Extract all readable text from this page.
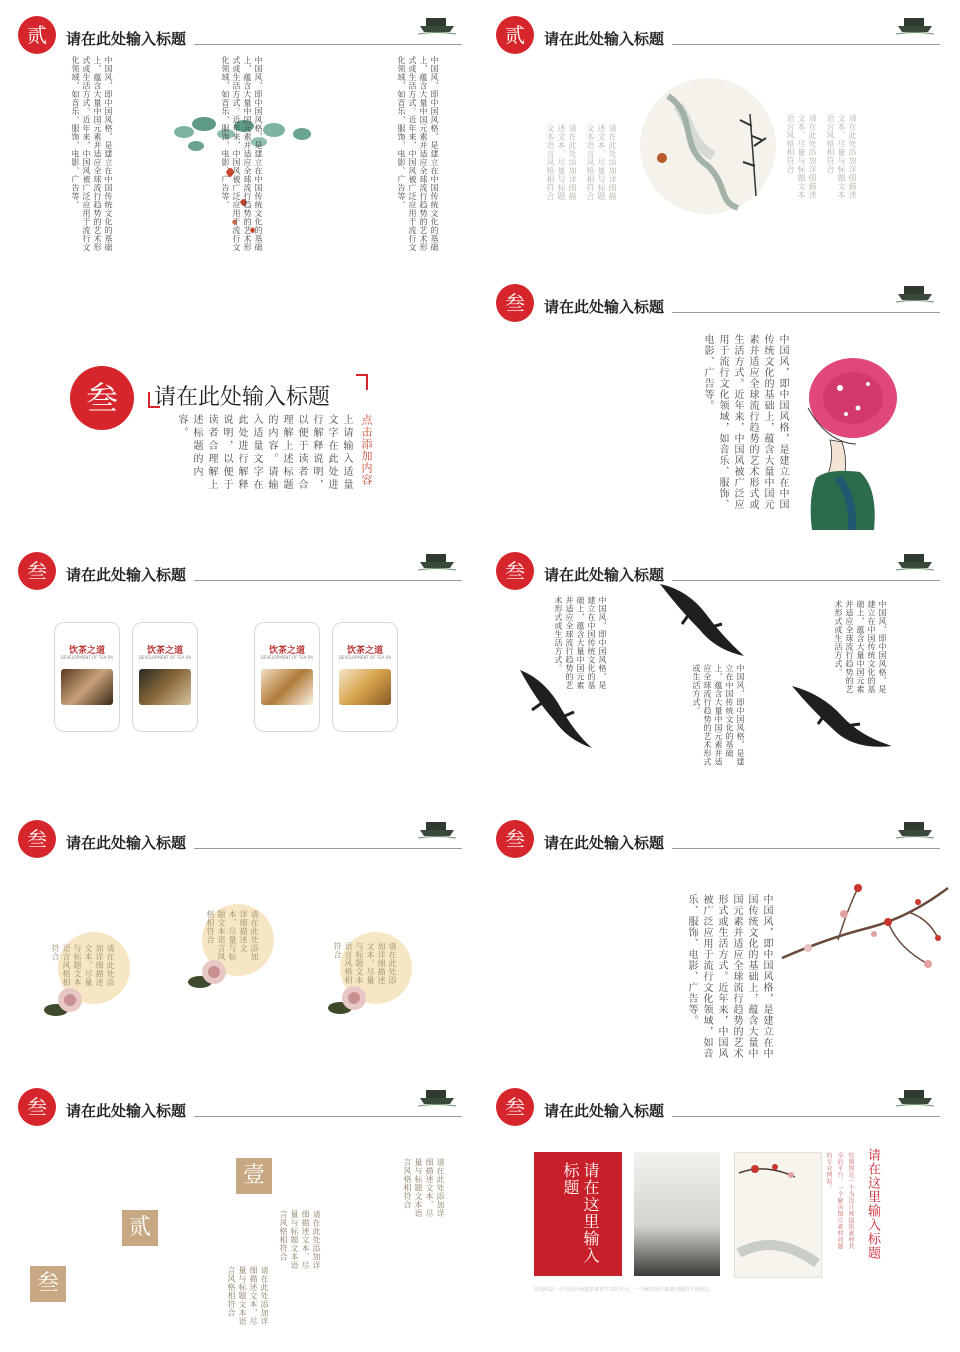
贰	请在此处输入标题
中国风，即中国风格，是建立在中国传统文化的基础上，蕴含大量中国元素并适应全球流行趋势的艺术形式或生活方式。近年来，中国风被广泛应用于流行文化领域，如音乐、服饰、电影、广告等。	中国风，即中国风格，是建立在中国传统文化的基础上，蕴含大量中国元素并适应全球流行趋势的艺术形式或生活方式。近年来，中国风被广泛应用于流行文化领域，如音乐、服饰、电影、广告等。	中国风，即中国风格，是建立在中国传统文化的基础上，蕴含大量中国元素并适应全球流行趋势的艺术形式或生活方式。近年来，中国风被广泛应用于流行文化领域，如音乐、服饰、电影、广告等。
贰	请在此处输入标题
请在此处添加详细描述文本，尽量与标题文本语言风格相符合	请在此处添加详细描述文本，尽量与标题文本语言风格相符合	请在此处添加详细描述文本，尽量与标题文本语言风格相符合	请在此处添加详细描述文本，尽量与标题文本语言风格相符合
叁	请在此处输入标题
点击添加内容
上请输入适量文字在此处进行解释说明，以便于读者合理解上述标题的内容。请输入适量文字在此处进行解释说明，以便于读者合理解上述标题的内容。
叁	请在此处输入标题
中国风，即中国风格，是建立在中国传统文化的基础上，蕴含大量中国元素并适应全球流行趋势的艺术形式或生活方式。近年来，中国风被广泛应用于流行文化领域，如音乐、服饰、电影、广告等。
叁	请在此处输入标题
饮茶之道
DEVELOPMENT OF TEA RA
饮茶之道
DEVELOPMENT OF TEA RA
饮茶之道
DEVELOPMENT OF TEA RA
饮茶之道
DEVELOPMENT OF TEA RA
叁	请在此处输入标题
中国风，即中国风格，是建立在中国传统文化的基础上，蕴含大量中国元素并适应全球流行趋势的艺术形式或生活方式。
中国风，即中国风格，是建立在中国传统文化的基础上，蕴含大量中国元素并适应全球流行趋势的艺术形式或生活方式。	中国风，即中国风格，是建立在中国传统文化的基础上，蕴含大量中国元素并适应全球流行趋势的艺术形式或生活方式。
叁	请在此处输入标题
请在此处添加详细描述文本，尽量与标题文本语言风格相符合	请在此处添加详细描述文本，尽量与标题文本语言风格相符合
请在此处添加详细描述文本，尽量与标题文本语言风格相符合
叁	请在此处输入标题
中国风，即中国风格，是建立在中国传统文化的基础上，蕴含大量中国元素并适应全球流行趋势的艺术形式或生活方式。近年来，中国风被广泛应用于流行文化领域，如音乐、服饰、电影、广告等。
叁	请在此处输入标题
壹	请在此处添加详细描述文本，尽量与标题文本语言风格相符合
贰	请在此处添加详细描述文本，尽量与标题文本语言风格相符合
叁	请在此处添加详细描述文本，尽量与标题文本语言风格相符合
叁	请在此处输入标题
请在这里输入标题	请在这里输入标题
炫图网是一个为设计师提供素材共享的平台，一个解决图片素材问题的专业网站。
炫图网是一个为设计师提供素材共享的平台，一个解决图片素材问题的专业网站。
